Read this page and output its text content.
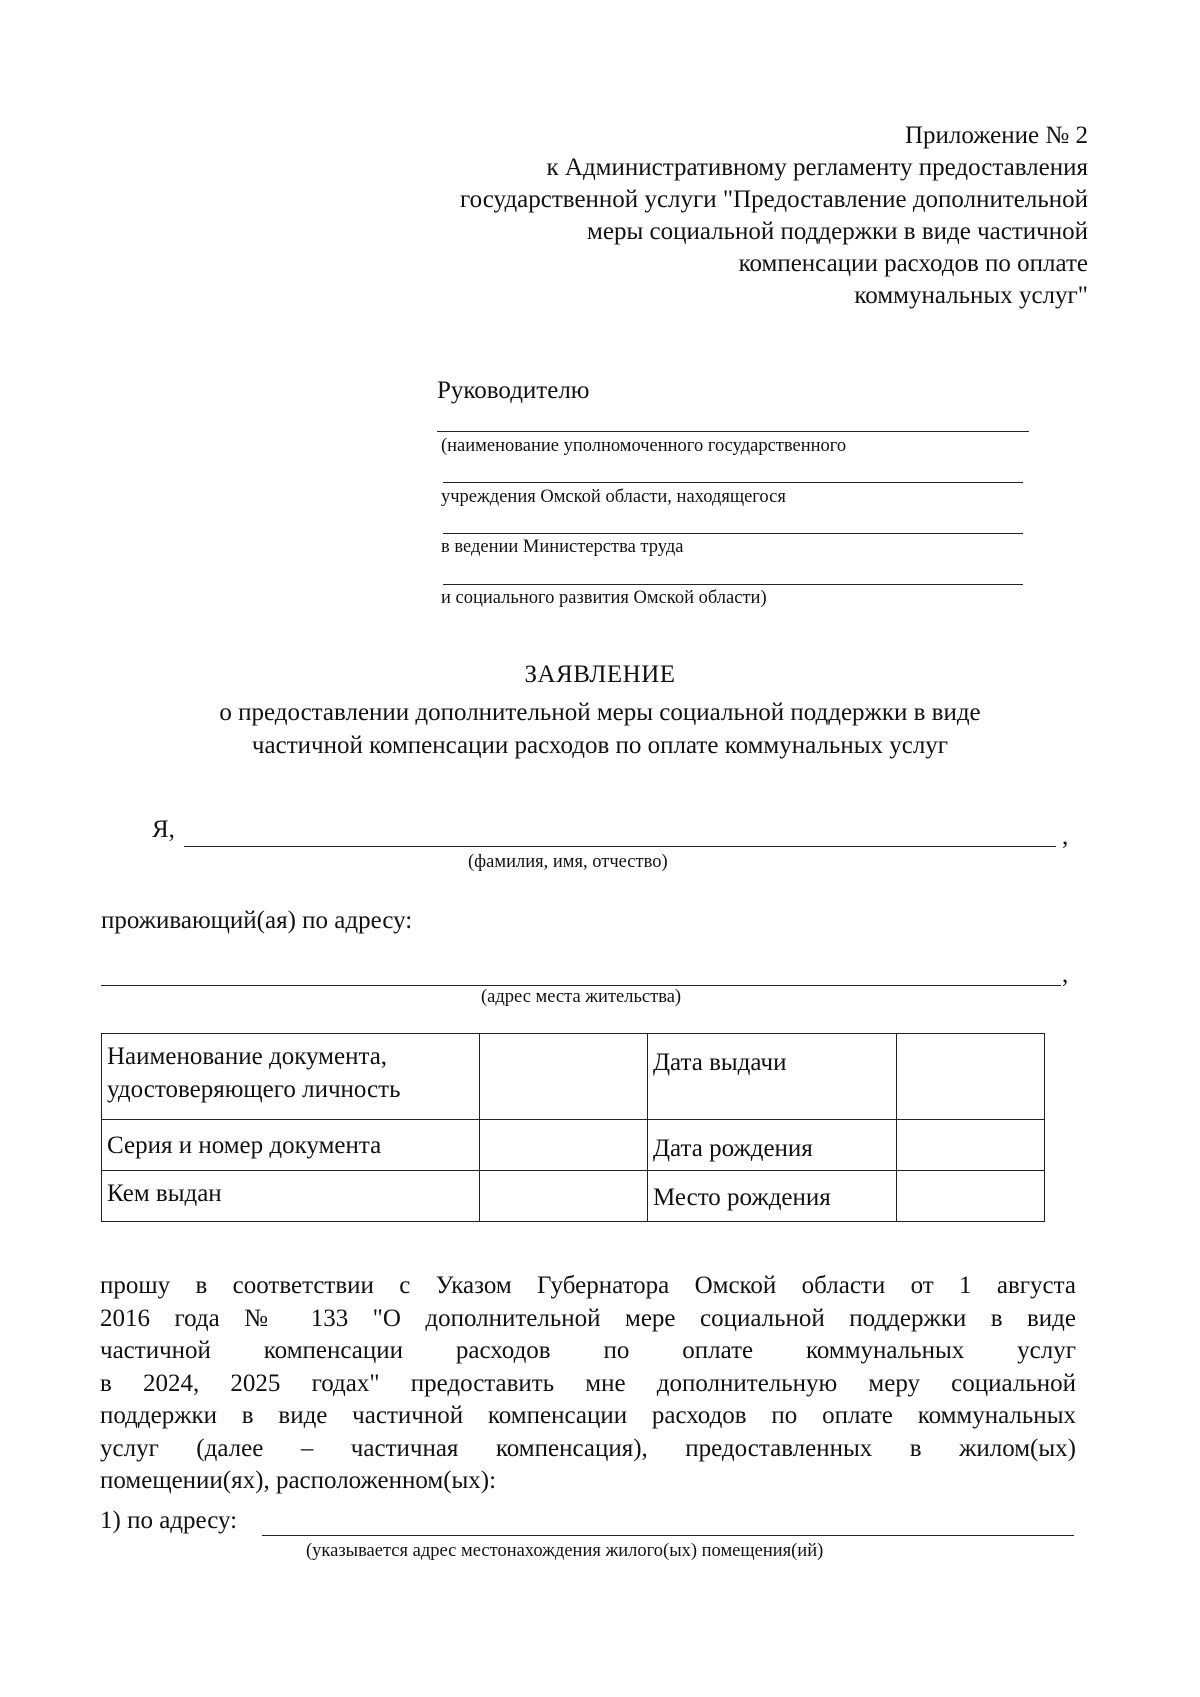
Приложение № 2
к Административному регламенту предоставления
государственной услуги "Предоставление дополнительной
меры социальной поддержки в виде частичной
компенсации расходов по оплате
коммунальных услуг"
Руководителю
(наименование уполномоченного государственного
учреждения Омской области, находящегося
в ведении Министерства труда
и социального развития Омской области)
ЗАЯВЛЕНИЕ
о предоставлении дополнительной меры социальной поддержки в виде
частичной компенсации расходов по оплате коммунальных услуг
Я,	,
(фамилия, имя, отчество)
проживающий(ая) по адресу:
,
(адрес места жительства)
Наименование документа, удостоверяющего личность		Дата выдачи	
Серия и номер документа		Дата рождения	
Кем выдан		Место рождения	
прошу в соответствии с Указом Губернатора Омской области от 1 августа
2016 года № 133 "О дополнительной мере социальной поддержки в виде
частичной компенсации расходов по оплате коммунальных услуг
в 2024, 2025 годах" предоставить мне дополнительную меру социальной
поддержки в виде частичной компенсации расходов по оплате коммунальных
услуг (далее – частичная компенсация), предоставленных в жилом(ых)
помещении(ях), расположенном(ых):
1) по адресу:
(указывается адрес местонахождения жилого(ых) помещения(ий)
